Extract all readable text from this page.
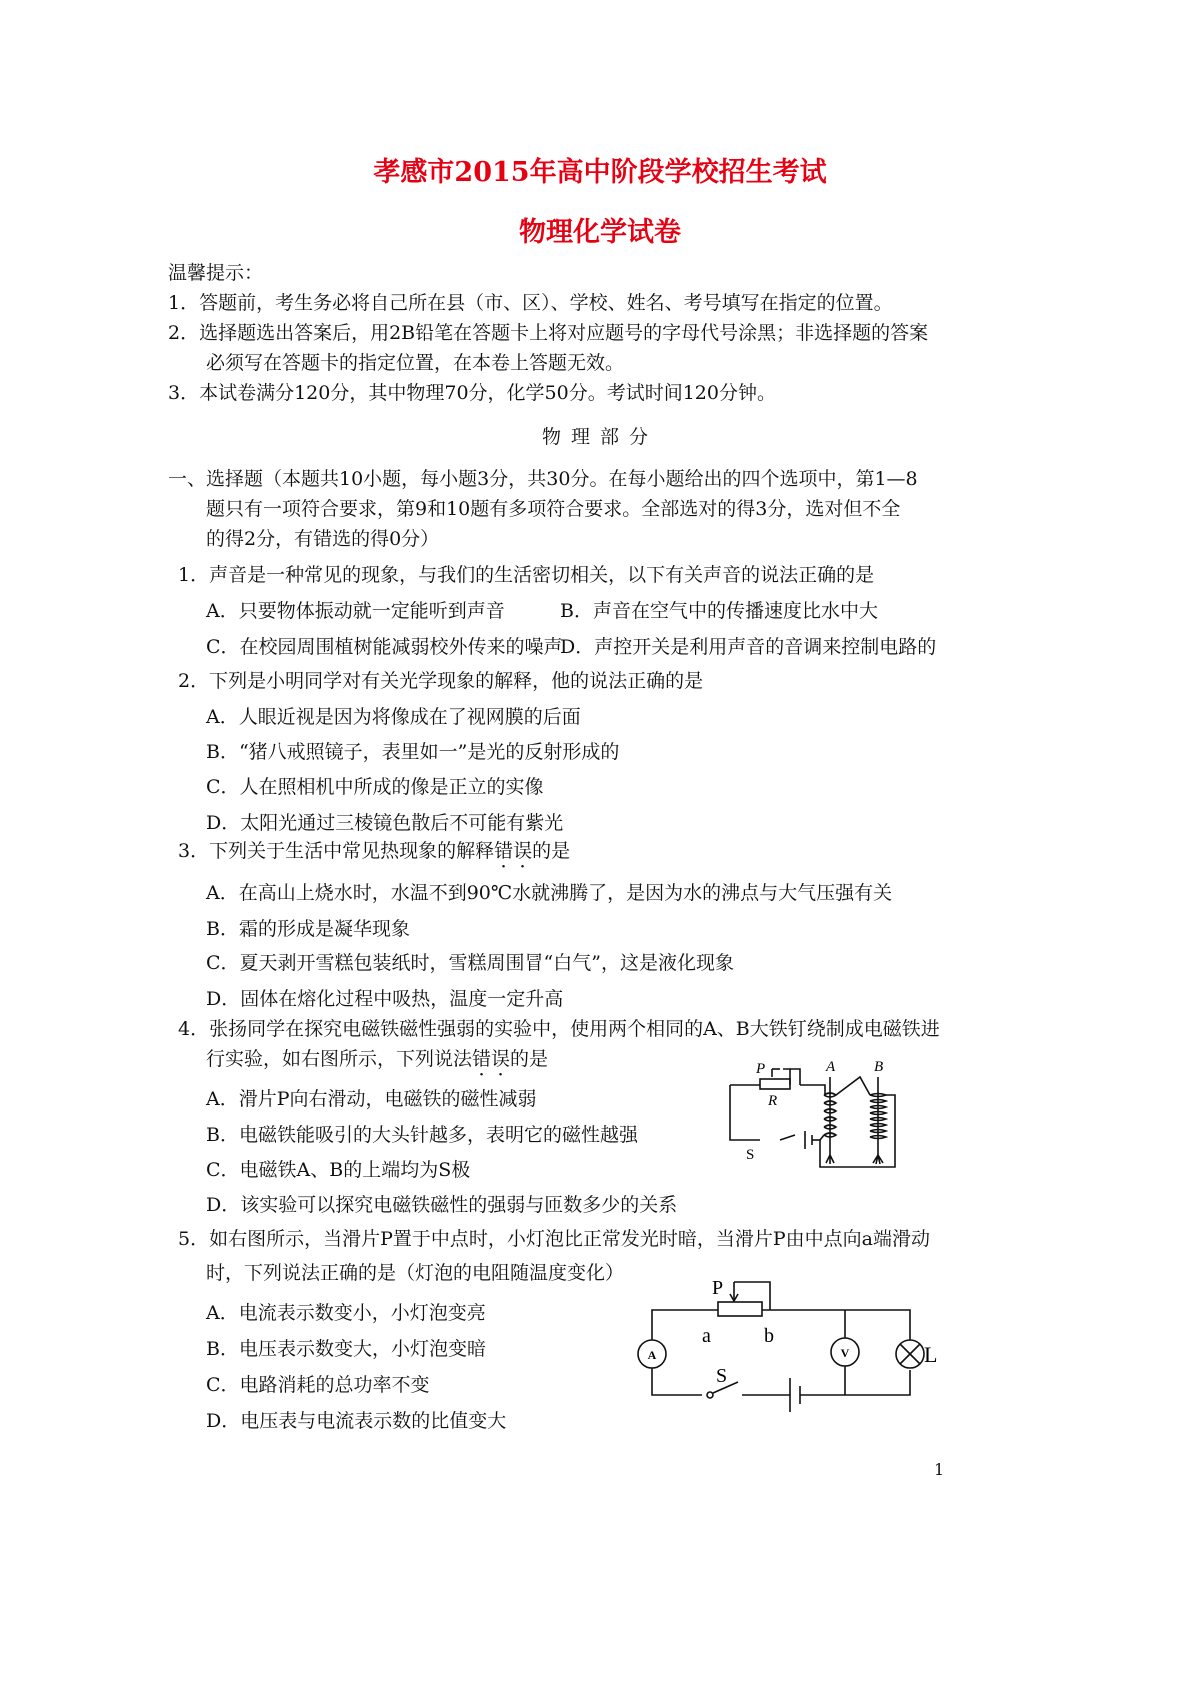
孝感市2015年高中阶段学校招生考试
物理化学试卷
温馨提示：
1．答题前，考生务必将自己所在县（市、区）、学校、姓名、考号填写在指定的位置。
2．选择题选出答案后，用2B铅笔在答题卡上将对应题号的字母代号涂黑；非选择题的答案
必须写在答题卡的指定位置，在本卷上答题无效。
3．本试卷满分120分，其中物理70分，化学50分。考试时间120分钟。
物理部分
一、选择题（本题共10小题，每小题3分，共30分。在每小题给出的四个选项中，第1—8
题只有一项符合要求，第9和10题有多项符合要求。全部选对的得3分，选对但不全
的得2分，有错选的得0分）
1．声音是一种常见的现象，与我们的生活密切相关，以下有关声音的说法正确的是
A．只要物体振动就一定能听到声音	B．声音在空气中的传播速度比水中大
C．在校园周围植树能减弱校外传来的噪声
D．声控开关是利用声音的音调来控制电路的
2．下列是小明同学对有关光学现象的解释，他的说法正确的是
A．人眼近视是因为将像成在了视网膜的后面
B．“猪八戒照镜子，表里如一”是光的反射形成的
C．人在照相机中所成的像是正立的实像
D．太阳光通过三棱镜色散后不可能有紫光
3．下列关于生活中常见热现象的解释错误的是
A．在高山上烧水时，水温不到90℃水就沸腾了，是因为水的沸点与大气压强有关
B．霜的形成是凝华现象
C．夏天剥开雪糕包装纸时，雪糕周围冒“白气”，这是液化现象
D．固体在熔化过程中吸热，温度一定升高
4．张扬同学在探究电磁铁磁性强弱的实验中，使用两个相同的A、B大铁钉绕制成电磁铁进
行实验，如右图所示，下列说法错误的是
A．滑片P向右滑动，电磁铁的磁性减弱
B．电磁铁能吸引的大头针越多，表明它的磁性越强
C．电磁铁A、B的上端均为S极
D．该实验可以探究电磁铁磁性的强弱与匝数多少的关系
P
R
S
A	B
5．如右图所示，当滑片P置于中点时，小灯泡比正常发光时暗，当滑片P由中点向a端滑动
时，下列说法正确的是（灯泡的电阻随温度变化）
A．电流表示数变小，小灯泡变亮
B．电压表示数变大，小灯泡变暗
C．电路消耗的总功率不变
D．电压表与电流表示数的比值变大
P
a	b
S
L
A	V
1
